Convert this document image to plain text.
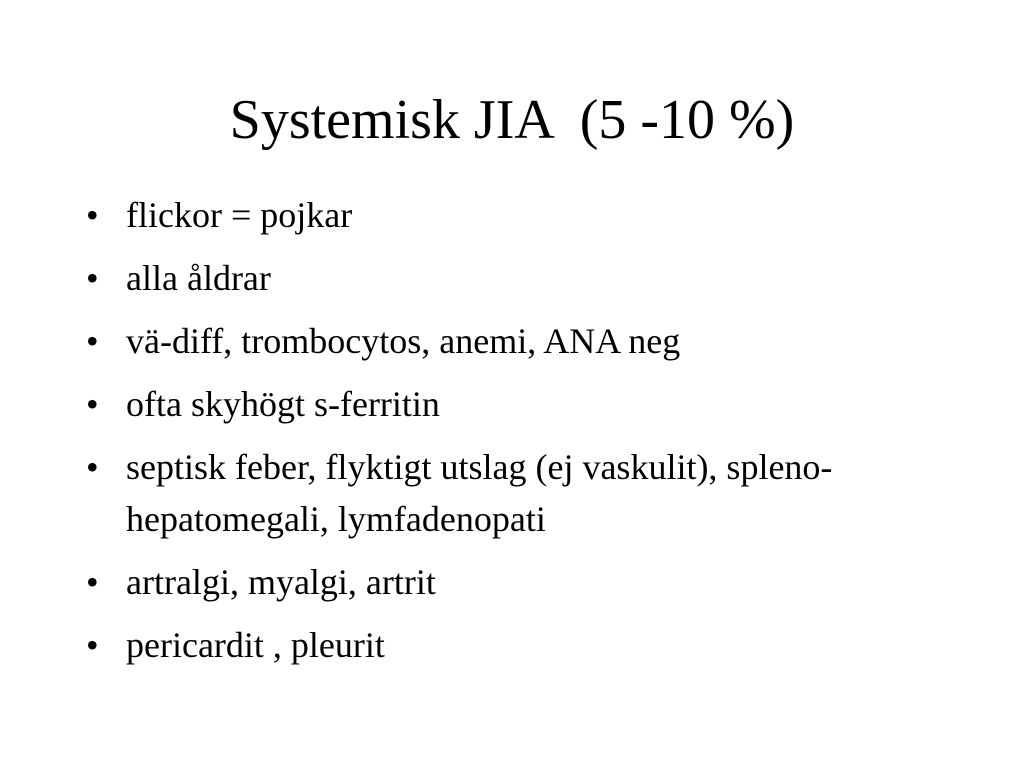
Systemisk JIA  (5 -10 %)
• flickor = pojkar
• alla åldrar
• vä-diff, trombocytos, anemi, ANA neg
• ofta skyhögt s-ferritin
• septisk feber, flyktigt utslag (ej vaskulit), spleno-hepatomegali, lymfadenopati
• artralgi, myalgi, artrit
• pericardit , pleurit
